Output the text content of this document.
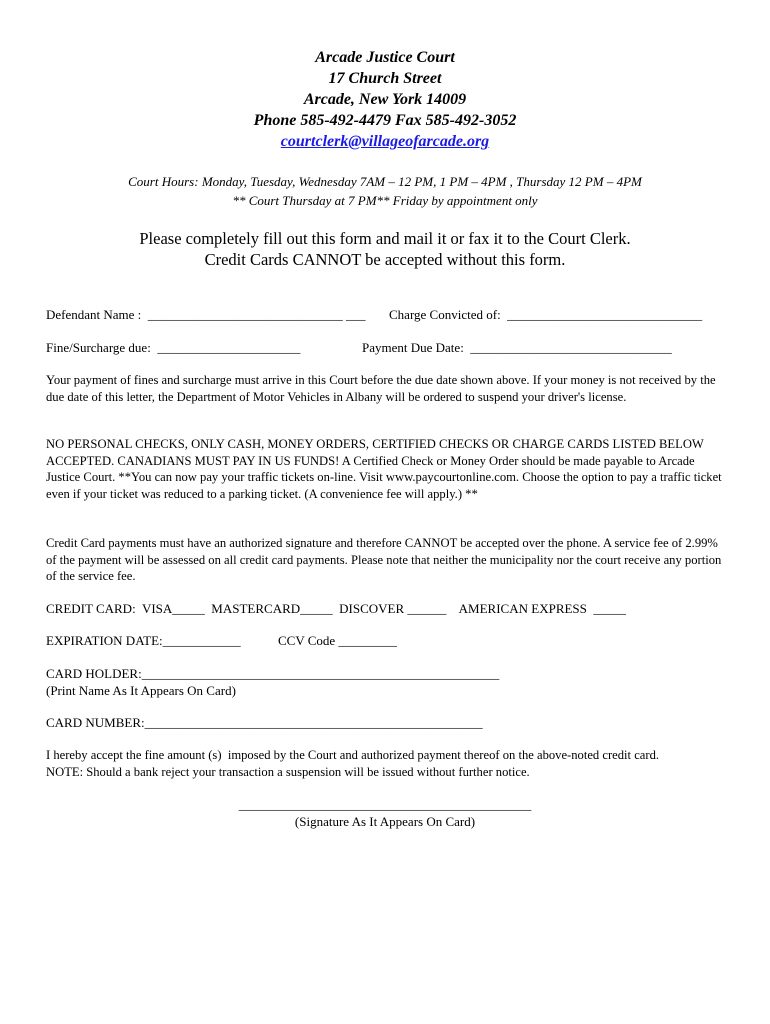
Arcade Justice Court
17 Church Street
Arcade, New York 14009
Phone 585-492-4479 Fax 585-492-3052
courtclerk@villageofarcade.org
Court Hours: Monday, Tuesday, Wednesday 7AM – 12 PM, 1 PM – 4PM , Thursday 12 PM – 4PM
** Court Thursday at 7 PM** Friday by appointment only
Please completely fill out this form and mail it or fax it to the Court Clerk.
Credit Cards CANNOT be accepted without this form.
Defendant Name :  ______________________________ ___ Charge Convicted of:  ______________________________
Fine/Surcharge due:  ______________________	Payment Due Date:  _______________________________
Your payment of fines and surcharge must arrive in this Court before the due date shown above. If your money is not received by the due date of this letter, the Department of Motor Vehicles in Albany will be ordered to suspend your driver's license.
NO PERSONAL CHECKS, ONLY CASH, MONEY ORDERS, CERTIFIED CHECKS OR CHARGE CARDS LISTED BELOW ACCEPTED. CANADIANS MUST PAY IN US FUNDS! A Certified Check or Money Order should be made payable to Arcade Justice Court. **You can now pay your traffic tickets on-line. Visit www.paycourtonline.com. Choose the option to pay a traffic ticket even if your ticket was reduced to a parking ticket. (A convenience fee will apply.) **
Credit Card payments must have an authorized signature and therefore CANNOT be accepted over the phone. A service fee of 2.99% of the payment will be assessed on all credit card payments. Please note that neither the municipality nor the court receive any portion of the service fee.
CREDIT CARD:  VISA_____  MASTERCARD_____  DISCOVER ______    AMERICAN EXPRESS  _____
EXPIRATION DATE:____________	CCV Code _________
CARD HOLDER:_______________________________________________________
(Print Name As It Appears On Card)
CARD NUMBER:____________________________________________________
I hereby accept the fine amount (s)  imposed by the Court and authorized payment thereof on the above-noted credit card.
NOTE: Should a bank reject your transaction a suspension will be issued without further notice.
_____________________________________________
(Signature As It Appears On Card)
